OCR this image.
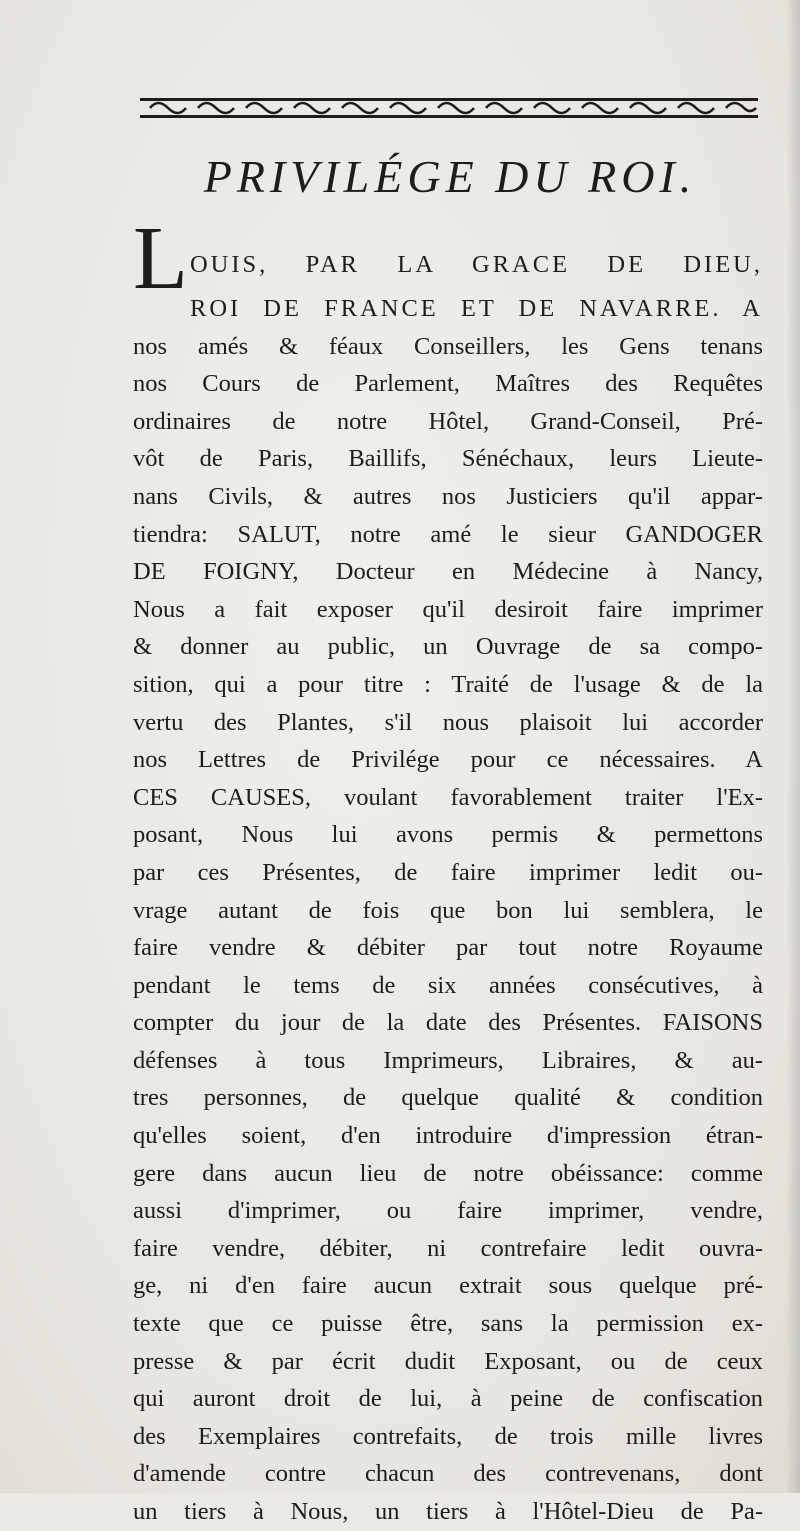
PRIVILÉGE DU ROI.
LOUIS, PAR LA GRACE DE DIEU,
ROI DE FRANCE ET DE NAVARRE. A
nos amés & féaux Conseillers, les Gens tenans
nos Cours de Parlement, Maîtres des Requêtes
ordinaires de notre Hôtel, Grand-Conseil, Pré-
vôt de Paris, Baillifs, Sénéchaux, leurs Lieute-
nans Civils, & autres nos Justiciers qu'il appar-
tiendra: SALUT, notre amé le sieur GANDOGER
DE FOIGNY, Docteur en Médecine à Nancy,
Nous a fait exposer qu'il desiroit faire imprimer
& donner au public, un Ouvrage de sa compo-
sition, qui a pour titre : Traité de l'usage & de la
vertu des Plantes, s'il nous plaisoit lui accorder
nos Lettres de Privilége pour ce nécessaires. A
CES CAUSES, voulant favorablement traiter l'Ex-
posant, Nous lui avons permis & permettons
par ces Présentes, de faire imprimer ledit ou-
vrage autant de fois que bon lui semblera, le
faire vendre & débiter par tout notre Royaume
pendant le tems de six années consécutives, à
compter du jour de la date des Présentes. FAISONS
défenses à tous Imprimeurs, Libraires, & au-
tres personnes, de quelque qualité & condition
qu'elles soient, d'en introduire d'impression étran-
gere dans aucun lieu de notre obéissance: comme
aussi d'imprimer, ou faire imprimer, vendre,
faire vendre, débiter, ni contrefaire ledit ouvra-
ge, ni d'en faire aucun extrait sous quelque pré-
texte que ce puisse être, sans la permission ex-
presse & par écrit dudit Exposant, ou de ceux
qui auront droit de lui, à peine de confiscation
des Exemplaires contrefaits, de trois mille livres
d'amende contre chacun des contrevenans, dont
un tiers à Nous, un tiers à l'Hôtel-Dieu de Pa-
